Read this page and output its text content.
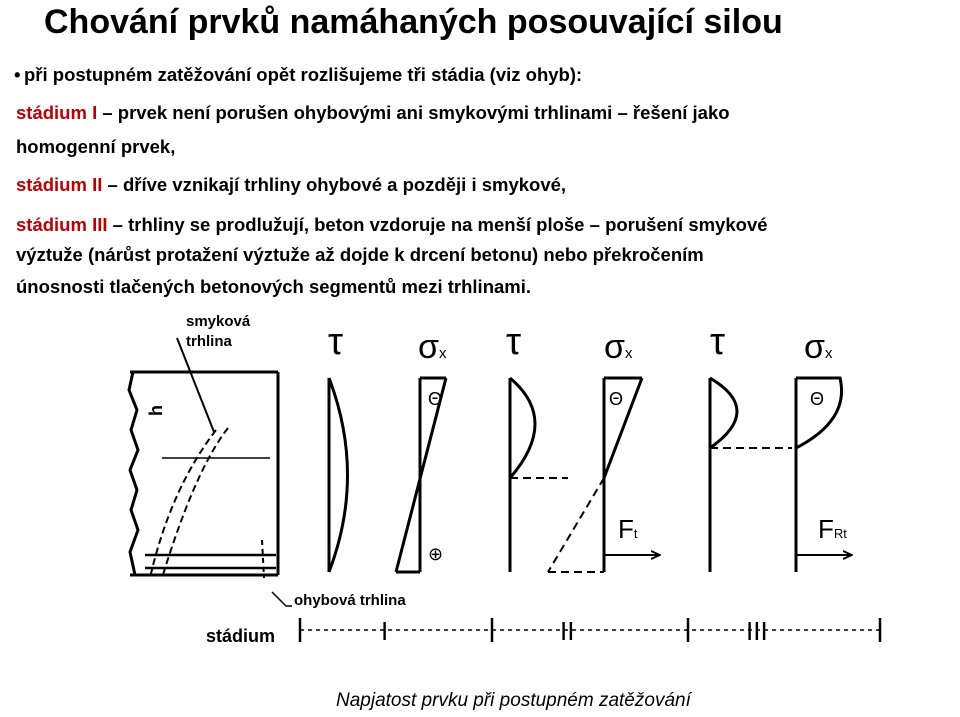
Chování prvků namáhaných posouvající silou
• při postupném zatěžování opět rozlišujeme tři stádia (viz ohyb):
stádium I – prvek není porušen ohybovými ani smykovými trhlinami – řešení jako
homogenní prvek,
stádium II – dříve vznikají trhliny ohybové a později i smykové,
stádium III – trhliny se prodlužují, beton vzdoruje na menší ploše – porušení smykové
výztuže (nárůst protažení výztuže až dojde k drcení betonu) nebo překročením
únosnosti tlačených betonových segmentů mezi trhlinami.
smyková
trhlina
h
ohybová trhlina
stádium
τ σx
Θ
⊕
τ σx
Θ
Ft
τ σx
Θ
FRt
I	II	III
Napjatost prvku při postupném zatěžování
